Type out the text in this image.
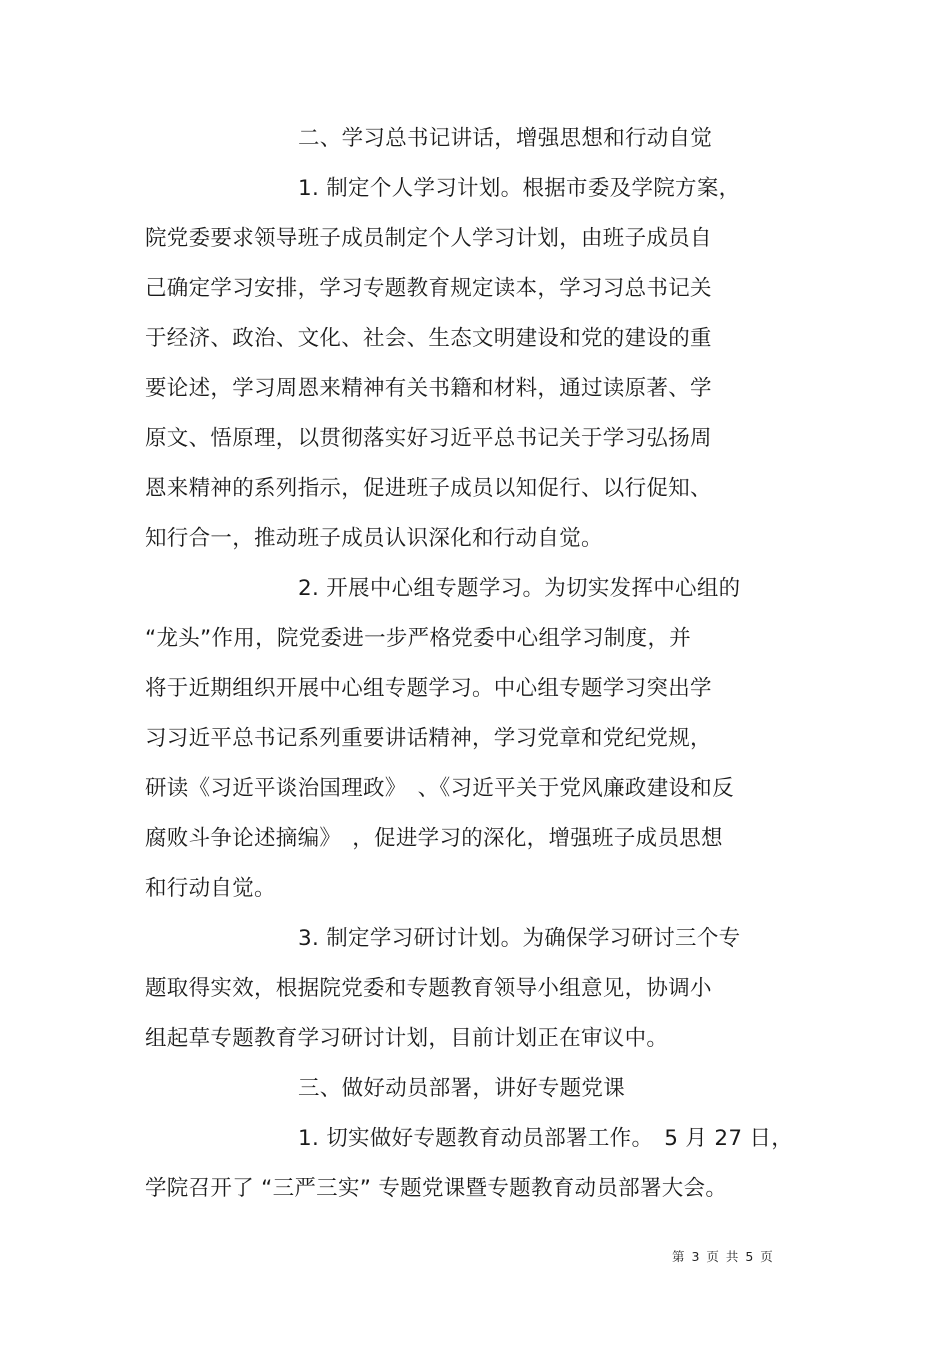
二、学习总书记讲话，增强思想和行动自觉
1. 制定个人学习计划。根据市委及学院方案，
院党委要求领导班子成员制定个人学习计划，由班子成员自
己确定学习安排，学习专题教育规定读本，学习习总书记关
于经济、政治、文化、社会、生态文明建设和党的建设的重
要论述，学习周恩来精神有关书籍和材料，通过读原著、学
原文、悟原理，以贯彻落实好习近平总书记关于学习弘扬周
恩来精神的系列指示，促进班子成员以知促行、以行促知、
知行合一，推动班子成员认识深化和行动自觉。
2. 开展中心组专题学习。为切实发挥中心组的
“龙头”作用，院党委进一步严格党委中心组学习制度，并
将于近期组织开展中心组专题学习。中心组专题学习突出学
习习近平总书记系列重要讲话精神，学习党章和党纪党规，
研读《习近平谈治国理政》　、《习近平关于党风廉政建设和反
腐败斗争论述摘编》　，促进学习的深化，增强班子成员思想
和行动自觉。
3. 制定学习研讨计划。为确保学习研讨三个专
题取得实效，根据院党委和专题教育领导小组意见，协调小
组起草专题教育学习研讨计划，目前计划正在审议中。
三、做好动员部署，讲好专题党课
1. 切实做好专题教育动员部署工作。　5 月 27 日，
学院召开了 “三严三实” 专题党课暨专题教育动员部署大会。
第 3 页 共 5 页
